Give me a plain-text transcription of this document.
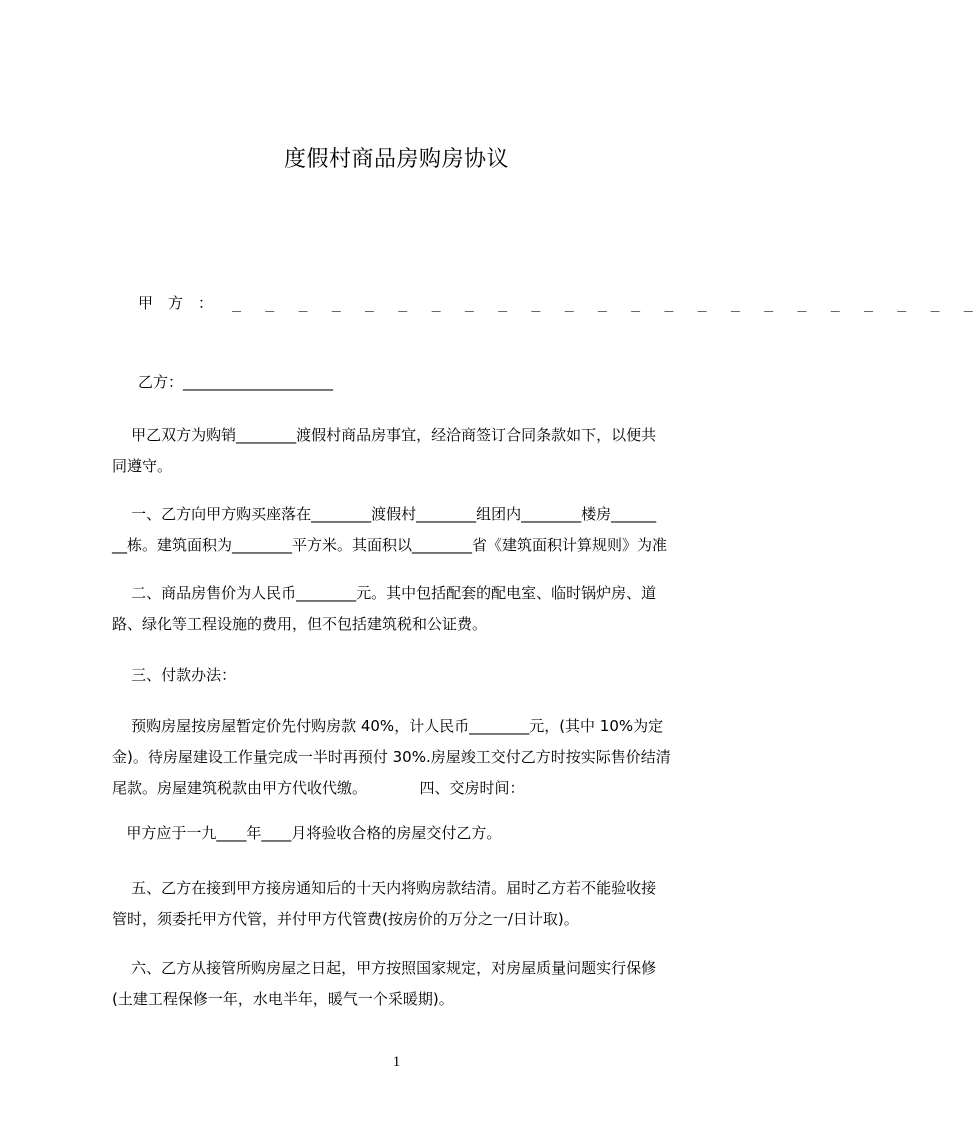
度假村商品房购房协议
甲　方　： _ _ _ _ _ _ _ _ _ _ _ _ _ _ _ _ _ _ _ _ _ _ _
乙方：____________________

甲乙双方为购销________渡假村商品房事宜，经洽商签订合同条款如下，以便共

同遵守。

一、乙方向甲方购买座落在________渡假村________组团内________楼房______

__栋。建筑面积为________平方米。其面积以________省《建筑面积计算规则》为准

二、商品房售价为人民币________元。其中包括配套的配电室、临时锅炉房、道

路、绿化等工程设施的费用，但不包括建筑税和公证费。

三、付款办法：

预购房屋按房屋暂定价先付购房款 40%，计人民币________元，(其中 10%为定

金)。待房屋建设工作量完成一半时再预付 30%.房屋竣工交付乙方时按实际售价结清

尾款。房屋建筑税款由甲方代收代缴。           四、交房时间：

甲方应于一九____年____月将验收合格的房屋交付乙方。

五、乙方在接到甲方接房通知后的十天内将购房款结清。届时乙方若不能验收接

管时，须委托甲方代管，并付甲方代管费(按房价的万分之一/日计取)。

六、乙方从接管所购房屋之日起，甲方按照国家规定，对房屋质量问题实行保修

(土建工程保修一年，水电半年，暖气一个采暖期)。

1
